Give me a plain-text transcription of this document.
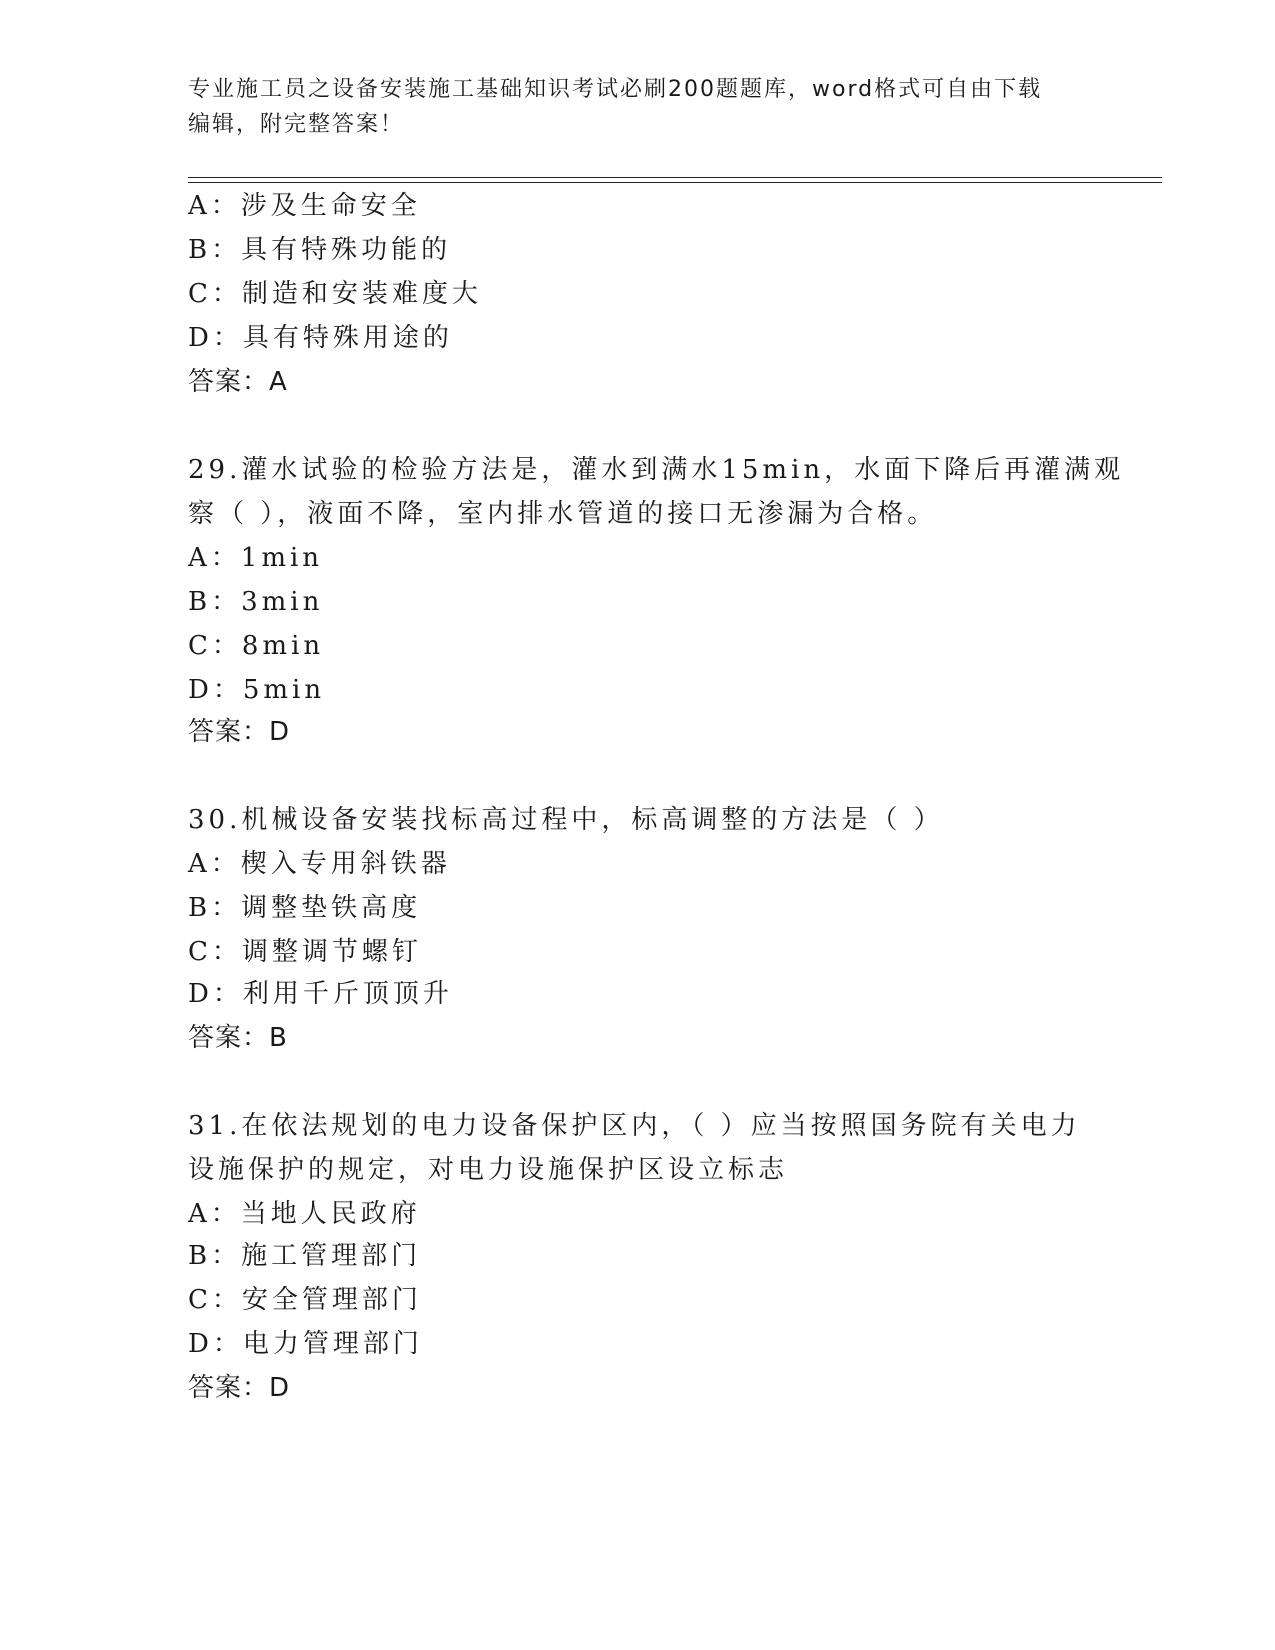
专业施工员之设备安装施工基础知识考试必刷200题题库，word格式可自由下载
编辑，附完整答案！
A：涉及生命安全
B：具有特殊功能的
C：制造和安装难度大
D：具有特殊用途的
答案：A
29.灌水试验的检验方法是，灌水到满水15min，水面下降后再灌满观
察（ ），液面不降，室内排水管道的接口无渗漏为合格。
A：1min
B：3min
C：8min
D：5min
答案：D
30.机械设备安装找标高过程中，标高调整的方法是（ ）
A：楔入专用斜铁器
B：调整垫铁高度
C：调整调节螺钉
D：利用千斤顶顶升
答案：B
31.在依法规划的电力设备保护区内，（ ）应当按照国务院有关电力
设施保护的规定，对电力设施保护区设立标志
A：当地人民政府
B：施工管理部门
C：安全管理部门
D：电力管理部门
答案：D
